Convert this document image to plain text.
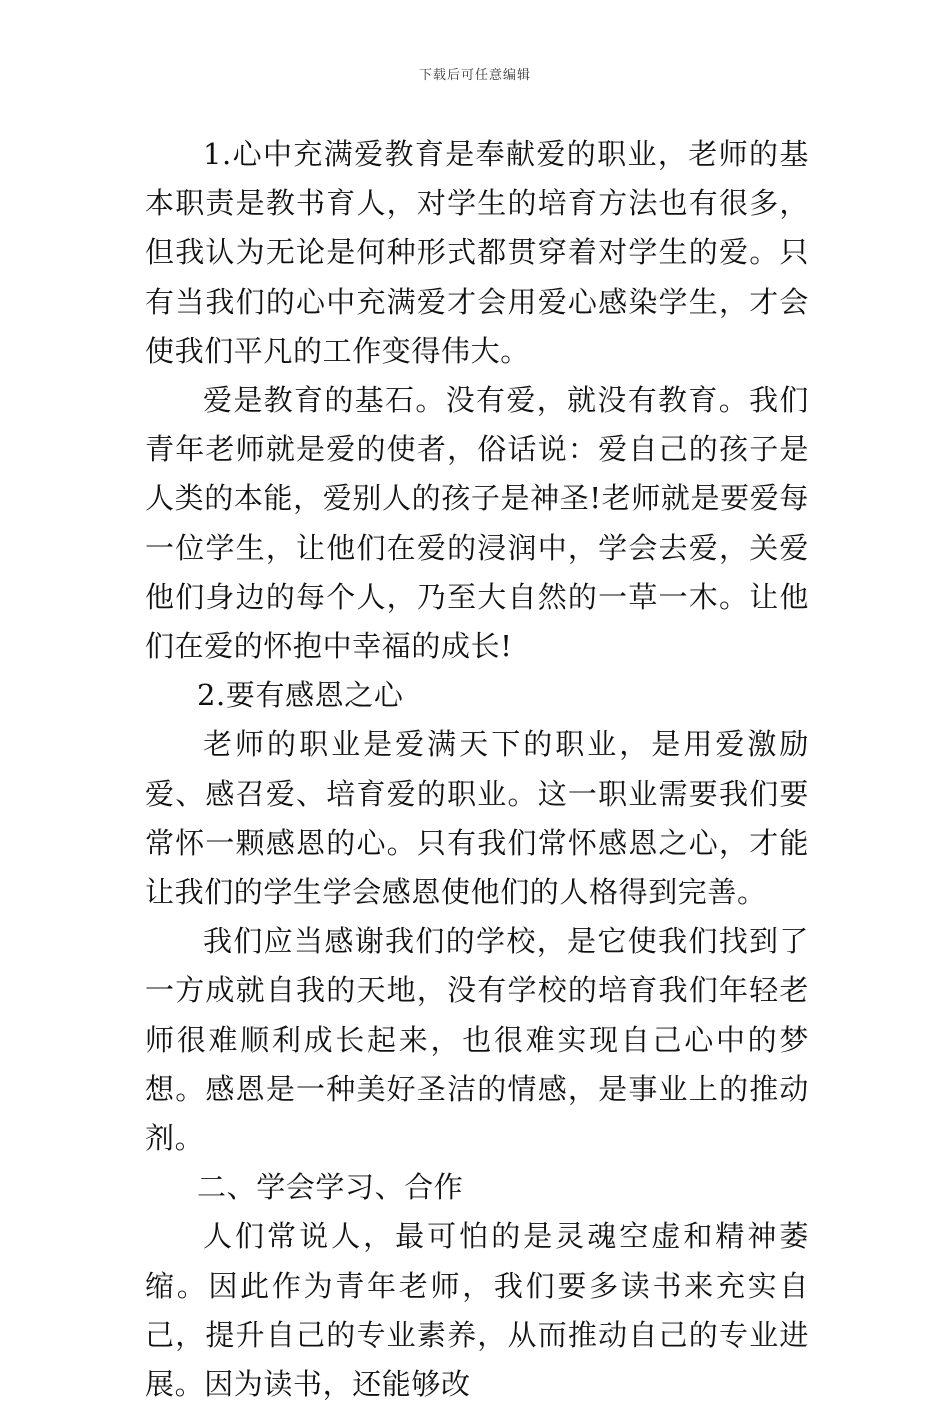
下载后可任意编辑

1.心中充满爱教育是奉献爱的职业，老师的基本职责是教书育人，对学生的培育方法也有很多，但我认为无论是何种形式都贯穿着对学生的爱。只有当我们的心中充满爱才会用爱心感染学生，才会使我们平凡的工作变得伟大。

爱是教育的基石。没有爱，就没有教育。我们青年老师就是爱的使者，俗话说：爱自己的孩子是人类的本能，爱别人的孩子是神圣!老师就是要爱每一位学生，让他们在爱的浸润中，学会去爱，关爱他们身边的每个人，乃至大自然的一草一木。让他们在爱的怀抱中幸福的成长!

2.要有感恩之心

老师的职业是爱满天下的职业，是用爱激励爱、感召爱、培育爱的职业。这一职业需要我们要常怀一颗感恩的心。只有我们常怀感恩之心，才能让我们的学生学会感恩使他们的人格得到完善。

我们应当感谢我们的学校，是它使我们找到了一方成就自我的天地，没有学校的培育我们年轻老师很难顺利成长起来，也很难实现自己心中的梦想。感恩是一种美好圣洁的情感，是事业上的推动剂。

二、学会学习、合作

人们常说人，最可怕的是灵魂空虚和精神萎缩。因此作为青年老师，我们要多读书来充实自己，提升自己的专业素养，从而推动自己的专业进展。因为读书，还能够改
